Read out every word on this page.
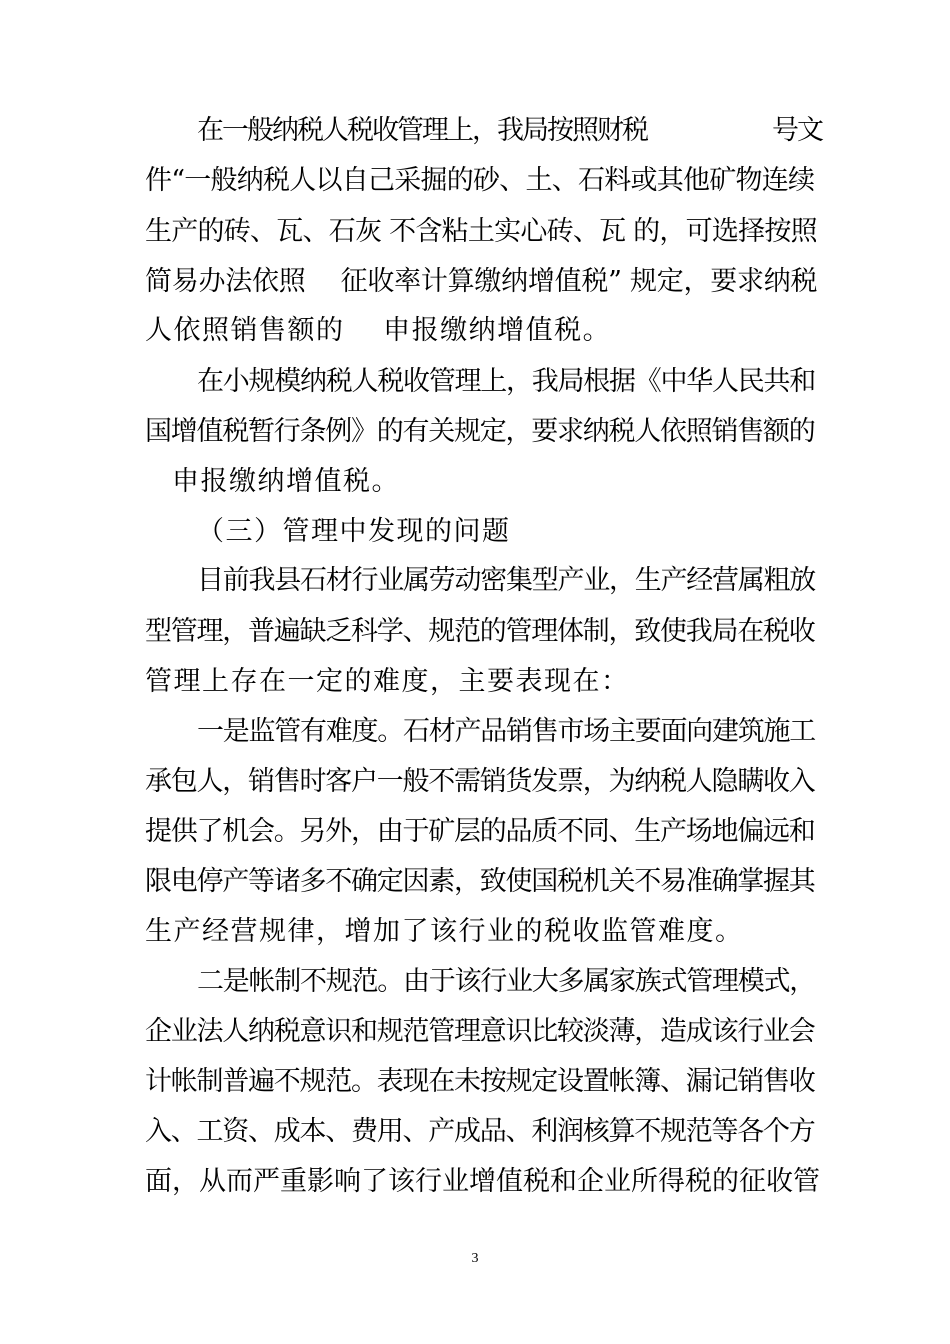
在一般纳税人税收管理上，我局按照财税　　　　　号文
件“一般纳税人以自己采掘的砂、土、石料或其他矿物连续
生产的砖、瓦、石灰 不含粘土实心砖、瓦 的，可选择按照
简易办法依照　 征收率计算缴纳增值税” 规定，要求纳税
人依照销售额的　 申报缴纳增值税。
在小规模纳税人税收管理上，我局根据《中华人民共和
国增值税暂行条例》的有关规定，要求纳税人依照销售额的
申报缴纳增值税。
（三）管理中发现的问题
目前我县石材行业属劳动密集型产业，生产经营属粗放
型管理，普遍缺乏科学、规范的管理体制，致使我局在税收
管理上存在一定的难度，主要表现在：
一是监管有难度。石材产品销售市场主要面向建筑施工
承包人，销售时客户一般不需销货发票，为纳税人隐瞒收入
提供了机会。另外，由于矿层的品质不同、生产场地偏远和
限电停产等诸多不确定因素，致使国税机关不易准确掌握其
生产经营规律，增加了该行业的税收监管难度。
二是帐制不规范。由于该行业大多属家族式管理模式，
企业法人纳税意识和规范管理意识比较淡薄，造成该行业会
计帐制普遍不规范。表现在未按规定设置帐簿、漏记销售收
入、工资、成本、费用、产成品、利润核算不规范等各个方
面，从而严重影响了该行业增值税和企业所得税的征收管
3
